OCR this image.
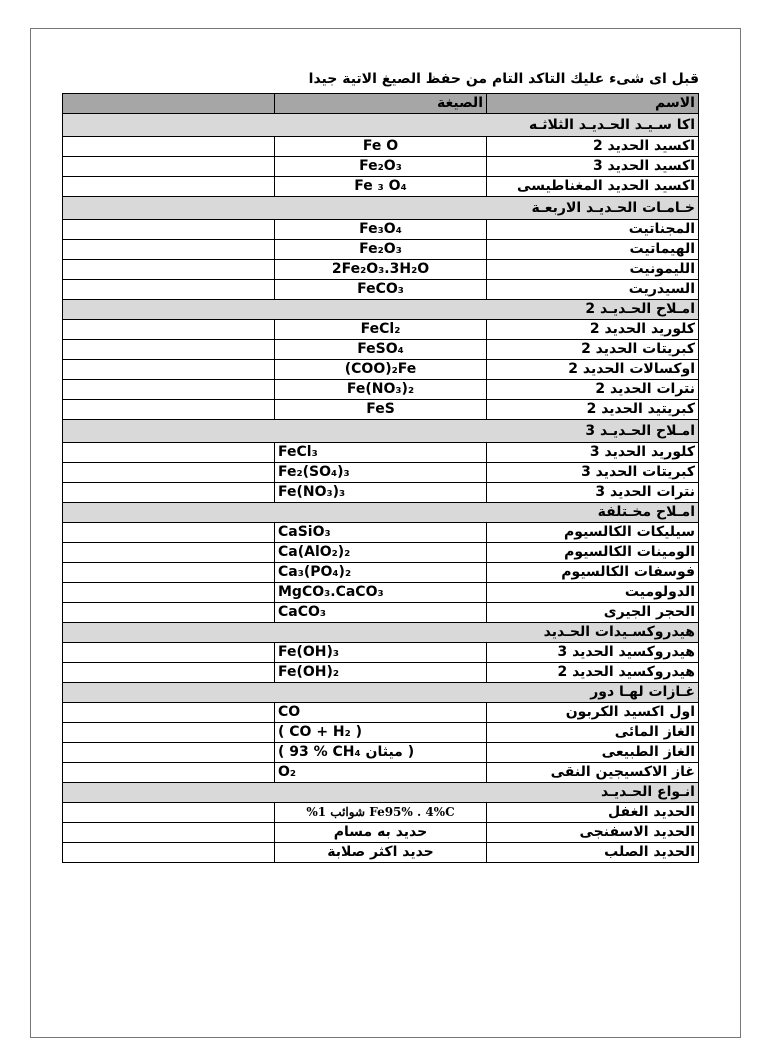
قبل اى شىء عليك التاكد التام من حفظ الصيغ الاتية جيدا
الاسم	الصيغة	
اكا سـيـد الحـديـد الثلاثـه		
اكسيد الحديد 2	Fe O	
اكسيد الحديد 3	Fe₂O₃	
اكسيد الحديد المغناطيسى	Fe ₃ O₄	
خـامـات الحـديـد الاربعـة		
المجناتيت	Fe₃O₄	
الهيماتيت	Fe₂O₃	
الليمونيت	2Fe₂O₃.3H₂O	
السيدريت	FeCO₃	
امـلاح الحـديـد 2		
كلوريد الحديد 2	FeCl₂	
كبريتات الحديد 2	FeSO₄	
اوكسالات الحديد 2	COO)₂Fe)	
نترات الحديد 2	Fe(NO₃)₂	
كبريتيد الحديد 2	FeS	
امـلاح الحـديـد 3		
كلوريد الحديد 3	FeCl₃	
كبريتات الحديد 3	Fe₂(SO₄)₃	
نترات الحديد 3	Fe(NO₃)₃	
امـلاح مخـتلفة		
سيليكات الكالسيوم	CaSiO₃	
الومينات الكالسيوم	Ca(AlO₂)₂	
فوسفات الكالسيوم	Ca₃(PO₄)₂	
الدولوميت	MgCO₃.CaCO₃	
الحجر الجيرى	CaCO₃	
هيدروكسـيدات الحـديد		
هيدروكسيد الحديد 3	Fe(OH)₃	
هيدروكسيد الحديد 2	Fe(OH)₂	
غـازات لهـا دور		
اول اكسيد الكربون	CO	
الغاز المائى	( CO + H₂ )	
الغاز الطبيعى	( 93 % CH₄ ميثان )	
غاز الاكسيجين النقى	O₂	
انـواع الحـديـد		
الحديد الغفل	Fe95% . 4%C شوائب 1%	
الحديد الاسفنجى	حديد به مسام	
الحديد الصلب	حديد اكثر صلابة	
